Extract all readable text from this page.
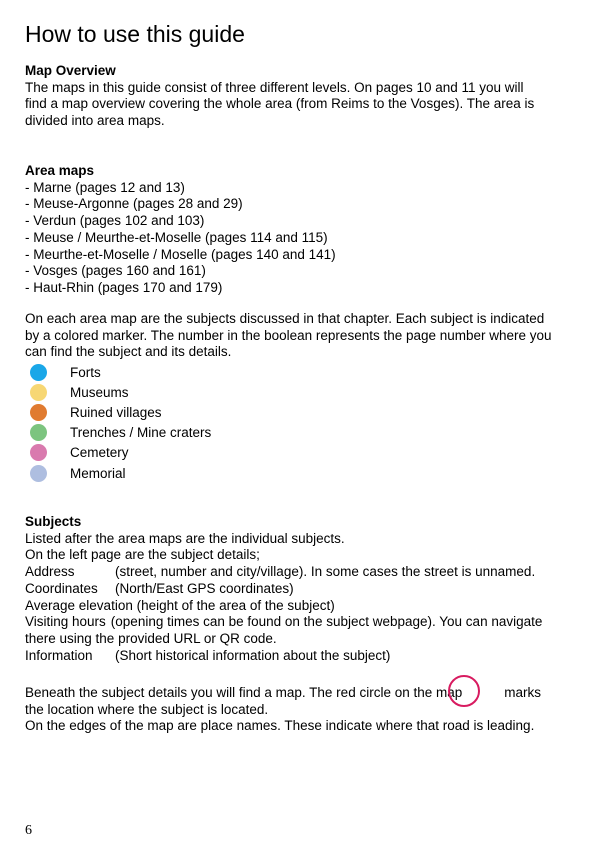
How to use this guide
Map Overview

The maps in this guide consist of three different levels. On pages 10 and 11 you will

find a map overview covering the whole area (from Reims to the Vosges). The area is

divided into area maps.

Area maps
- Marne (pages 12 and 13)
- Meuse-Argonne (pages 28 and 29)
- Verdun (pages 102 and 103)
- Meuse / Meurthe-et-Moselle (pages 114 and 115)
- Meurthe-et-Moselle / Moselle (pages 140 and 141)
- Vosges (pages 160 and 161)
- Haut-Rhin (pages 170 and 179)

On each area map are the subjects discussed in that chapter. Each subject is indicated

by a colored marker. The number in the boolean represents the page number where you

can find the subject and its details.

Forts
Museums
Ruined villages
Trenches / Mine craters
Cemetery
Memorial
Subjects

Listed after the area maps are the individual subjects.

On the left page are the subject details;

Address	(street, number and city/village). In some cases the street is unnamed.
Coordinates	(North/East GPS coordinates)

Average elevation (height of the area of the subject)

Visiting hours (opening times can be found on the subject webpage). You can navigate

there using the provided URL or QR code.

Information	(Short historical information about the subject)

Beneath the subject details you will find a map. The red circle on the map	marks

the location where the subject is located.

On the edges of the map are place names. These indicate where that road is leading.

6
